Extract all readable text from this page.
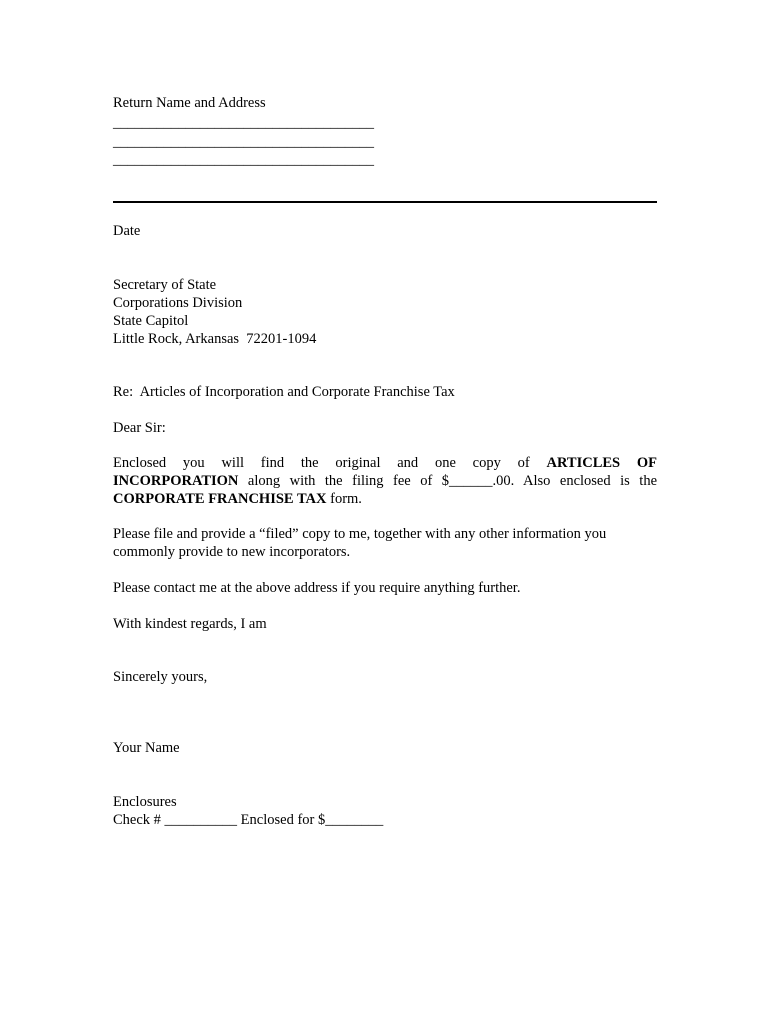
Return Name and Address
____________________________________
____________________________________
____________________________________
Date
Secretary of State
Corporations Division
State Capitol
Little Rock, Arkansas  72201-1094
Re:  Articles of Incorporation and Corporate Franchise Tax
Dear Sir:
Enclosed you will find the original and one copy of ARTICLES OF
INCORPORATION along with the filing fee of $______.00. Also enclosed is the
CORPORATE FRANCHISE TAX form.
Please file and provide a “filed” copy to me, together with any other information you
commonly provide to new incorporators.
Please contact me at the above address if you require anything further.
With kindest regards, I am
Sincerely yours,
Your Name
Enclosures
Check # __________ Enclosed for $________
